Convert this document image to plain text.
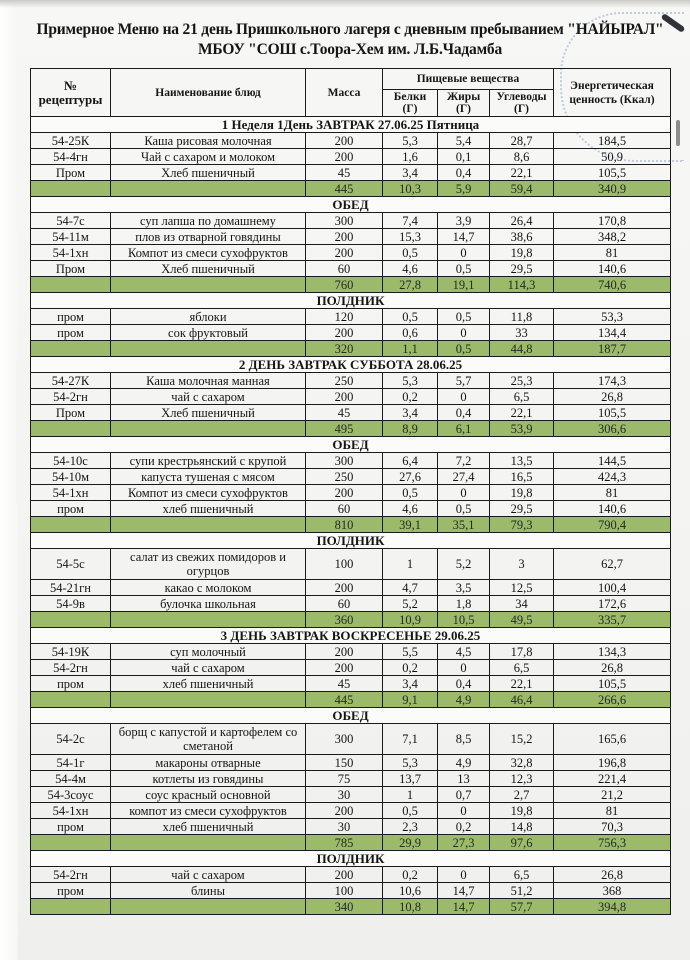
Примерное Меню на 21 день Пришкольного лагеря с дневным пребыванием "НАЙЫРАЛ"
МБОУ "СОШ с.Тоора-Хем им. Л.Б.Чадамба
№ рецептуры	Наименование блюд	Масса	Пищевые вещества			Энергетическая ценность (Ккал)
			Белки (Г)	Жиры (Г)	Углеводы (Г)	
1 Неделя 1День ЗАВТРАК 27.06.25 Пятница						
54-25К	Каша рисовая молочная	200	5,3	5,4	28,7	184,5
54-4гн	Чай с сахаром и молоком	200	1,6	0,1	8,6	50,9
Пром	Хлеб пшеничный	45	3,4	0,4	22,1	105,5
		445	10,3	5,9	59,4	340,9
ОБЕД						
54-7с	суп лапша по домашнему	300	7,4	3,9	26,4	170,8
54-11м	плов из отварной говядины	200	15,3	14,7	38,6	348,2
54-1хн	Компот из смеси сухофруктов	200	0,5	0	19,8	81
Пром	Хлеб пшеничный	60	4,6	0,5	29,5	140,6
		760	27,8	19,1	114,3	740,6
ПОЛДНИК						
пром	яблоки	120	0,5	0,5	11,8	53,3
пром	сок фруктовый	200	0,6	0	33	134,4
		320	1,1	0,5	44,8	187,7
2 ДЕНЬ ЗАВТРАК СУББОТА 28.06.25						
54-27К	Каша молочная манная	250	5,3	5,7	25,3	174,3
54-2гн	чай с сахаром	200	0,2	0	6,5	26,8
Пром	Хлеб пшеничный	45	3,4	0,4	22,1	105,5
		495	8,9	6,1	53,9	306,6
ОБЕД						
54-10с	супи крестрьянский с крупой	300	6,4	7,2	13,5	144,5
54-10м	капуста тушеная с мясом	250	27,6	27,4	16,5	424,3
54-1хн	Компот из смеси сухофруктов	200	0,5	0	19,8	81
пром	хлеб пшеничный	60	4,6	0,5	29,5	140,6
		810	39,1	35,1	79,3	790,4
ПОЛДНИК						
54-5с	салат из свежих помидоров и огурцов	100	1	5,2	3	62,7
54-21гн	какао с молоком	200	4,7	3,5	12,5	100,4
54-9в	булочка школьная	60	5,2	1,8	34	172,6
		360	10,9	10,5	49,5	335,7
3 ДЕНЬ ЗАВТРАК ВОСКРЕСЕНЬЕ 29.06.25						
54-19К	суп молочный	200	5,5	4,5	17,8	134,3
54-2гн	чай с сахаром	200	0,2	0	6,5	26,8
пром	хлеб пшеничный	45	3,4	0,4	22,1	105,5
		445	9,1	4,9	46,4	266,6
ОБЕД						
54-2с	борщ с капустой и картофелем со сметаной	300	7,1	8,5	15,2	165,6
54-1г	макароны отварные	150	5,3	4,9	32,8	196,8
54-4м	котлеты из говядины	75	13,7	13	12,3	221,4
54-3соус	соус красный основной	30	1	0,7	2,7	21,2
54-1хн	компот из смеси сухофруктов	200	0,5	0	19,8	81
пром	хлеб пшеничный	30	2,3	0,2	14,8	70,3
		785	29,9	27,3	97,6	756,3
ПОЛДНИК						
54-2гн	чай с сахаром	200	0,2	0	6,5	26,8
пром	блины	100	10,6	14,7	51,2	368
		340	10,8	14,7	57,7	394,8
